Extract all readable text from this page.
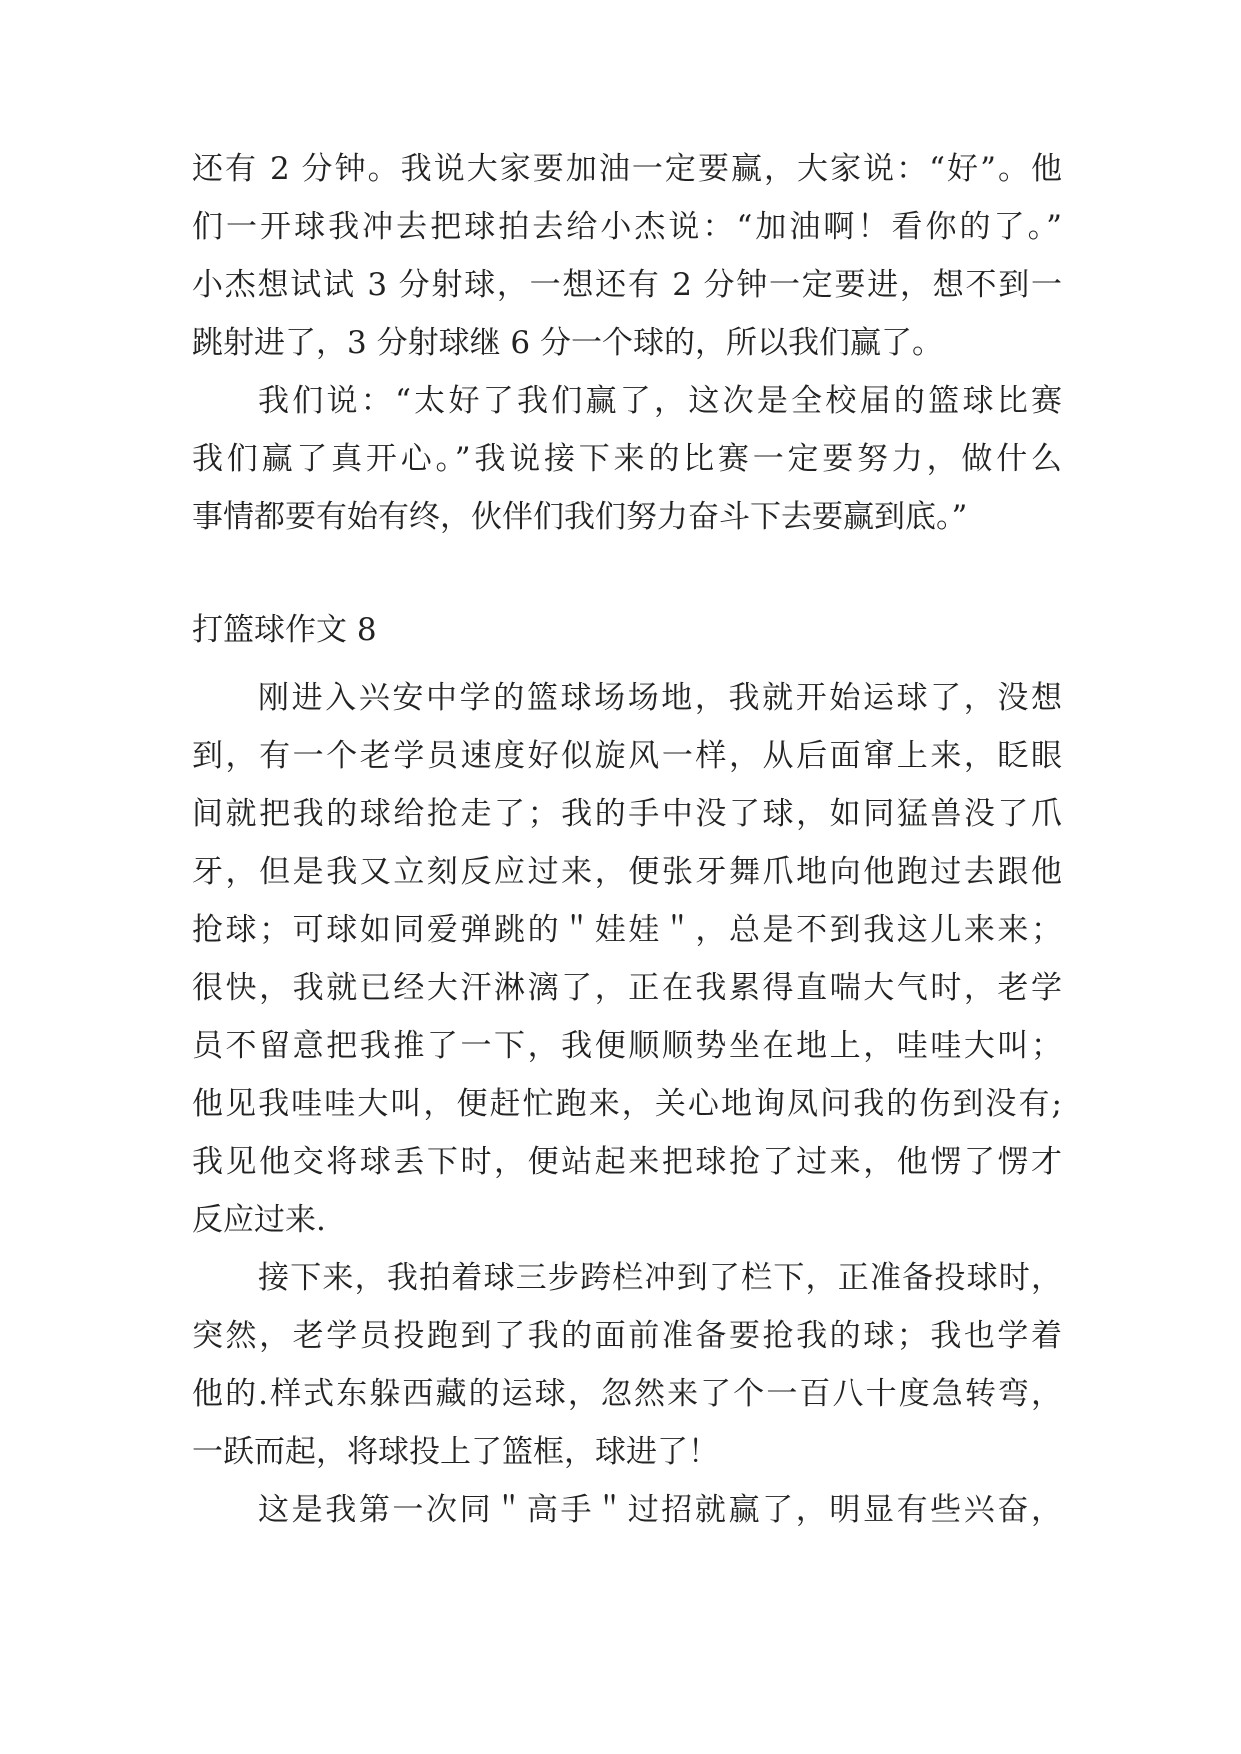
还有 2 分钟。我说大家要加油一定要赢，大家说：“好”。他
们一开球我冲去把球拍去给小杰说：“加油啊！看你的了。”
小杰想试试 3 分射球，一想还有 2 分钟一定要进，想不到一
跳射进了，3 分射球继 6 分一个球的，所以我们赢了。
我们说：“太好了我们赢了，这次是全校届的篮球比赛
我们赢了真开心。”我说接下来的比赛一定要努力，做什么
事情都要有始有终，伙伴们我们努力奋斗下去要赢到底。”
打篮球作文 8
刚进入兴安中学的篮球场场地，我就开始运球了，没想
到，有一个老学员速度好似旋风一样，从后面窜上来，眨眼
间就把我的球给抢走了；我的手中没了球，如同猛兽没了爪
牙，但是我又立刻反应过来，便张牙舞爪地向他跑过去跟他
抢球；可球如同爱弹跳的＂娃娃＂，总是不到我这儿来来；
很快，我就已经大汗淋漓了，正在我累得直喘大气时，老学
员不留意把我推了一下，我便顺顺势坐在地上，哇哇大叫；
他见我哇哇大叫，便赶忙跑来，关心地询凤问我的伤到没有;
我见他交将球丢下时，便站起来把球抢了过来，他愣了愣才
反应过来.
接下来，我拍着球三步跨栏冲到了栏下，正准备投球时，
突然，老学员投跑到了我的面前准备要抢我的球；我也学着
他的.样式东躲西藏的运球，忽然来了个一百八十度急转弯，
一跃而起，将球投上了篮框，球进了！
这是我第一次同＂高手＂过招就赢了，明显有些兴奋，
